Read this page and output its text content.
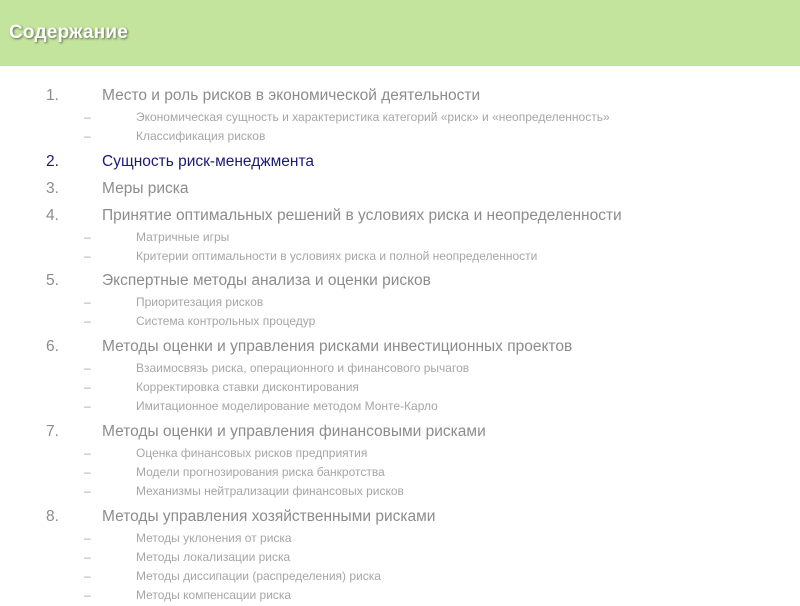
Содержание
1.	Место и роль рисков в экономической деятельности
–	Экономическая сущность и характеристика категорий «риск» и «неопределенность»
–	Классификация рисков
2.	Сущность риск-менеджмента
3.	Меры риска
4.	Принятие оптимальных решений в условиях риска и неопределенности
–	Матричные игры
–	Критерии оптимальности в условиях риска и полной неопределенности
5.	Экспертные методы анализа и оценки рисков
–	Приоритезация рисков
–	Система контрольных процедур
6.	Методы оценки и управления рисками инвестиционных проектов
–	Взаимосвязь риска, операционного и финансового рычагов
–	Корректировка ставки дисконтирования
–	Имитационное моделирование методом Монте-Карло
7.	Методы оценки и управления финансовыми рисками
–	Оценка финансовых рисков предприятия
–	Модели прогнозирования риска банкротства
–	Механизмы нейтрализации финансовых рисков
8.	Методы управления хозяйственными рисками
–	Методы уклонения от риска
–	Методы локализации риска
–	Методы диссипации (распределения) риска
–	Методы компенсации риска
